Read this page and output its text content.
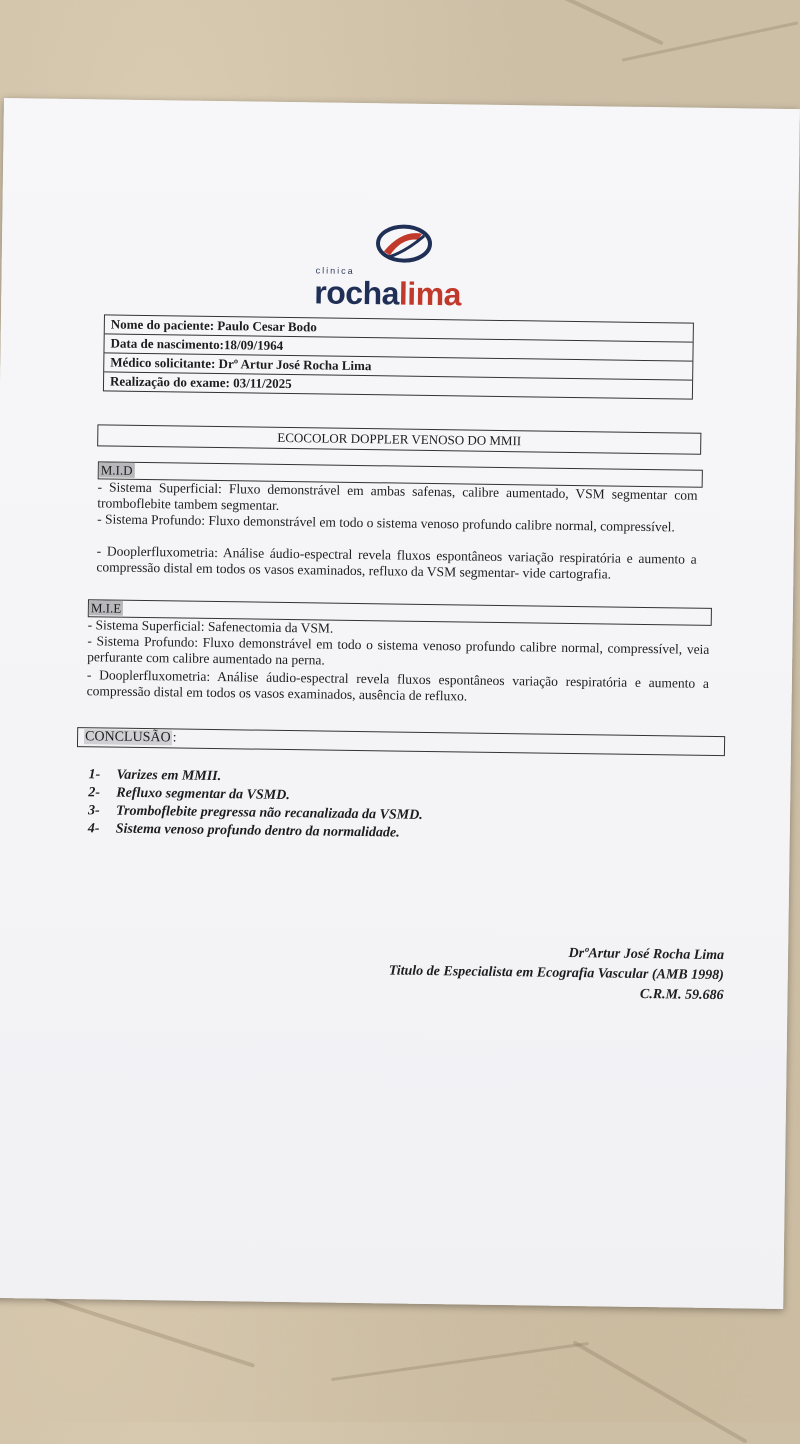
clinica
rochalima
Nome do paciente: Paulo Cesar Bodo
Data de nascimento:18/09/1964
Médico solicitante: Drº Artur José Rocha Lima
Realização do exame: 03/11/2025
ECOCOLOR DOPPLER VENOSO DO MMII
M.I.D
- Sistema Superficial: Fluxo demonstrável em ambas safenas, calibre aumentado, VSM segmentar com tromboflebite tambem segmentar.
- Sistema Profundo: Fluxo demonstrável em todo o sistema venoso profundo calibre normal, compressível.
- Dooplerfluxometria: Análise áudio-espectral revela fluxos espontâneos variação respiratória e aumento a compressão distal em todos os vasos examinados, refluxo da VSM segmentar- vide cartografia.
M.I.E
- Sistema Superficial: Safenectomia da VSM.
- Sistema Profundo: Fluxo demonstrável em todo o sistema venoso profundo calibre normal, compressível, veia perfurante com calibre aumentado na perna.
- Dooplerfluxometria: Análise áudio-espectral revela fluxos espontâneos variação respiratória e aumento a compressão distal em todos os vasos examinados, ausência de refluxo.
CONCLUSÃO :
1- Varizes em MMII.
2- Refluxo segmentar da VSMD.
3- Tromboflebite pregressa não recanalizada da VSMD.
4- Sistema venoso profundo dentro da normalidade.
DrºArtur José Rocha Lima
Titulo de Especialista em Ecografia Vascular (AMB 1998)
C.R.M. 59.686
